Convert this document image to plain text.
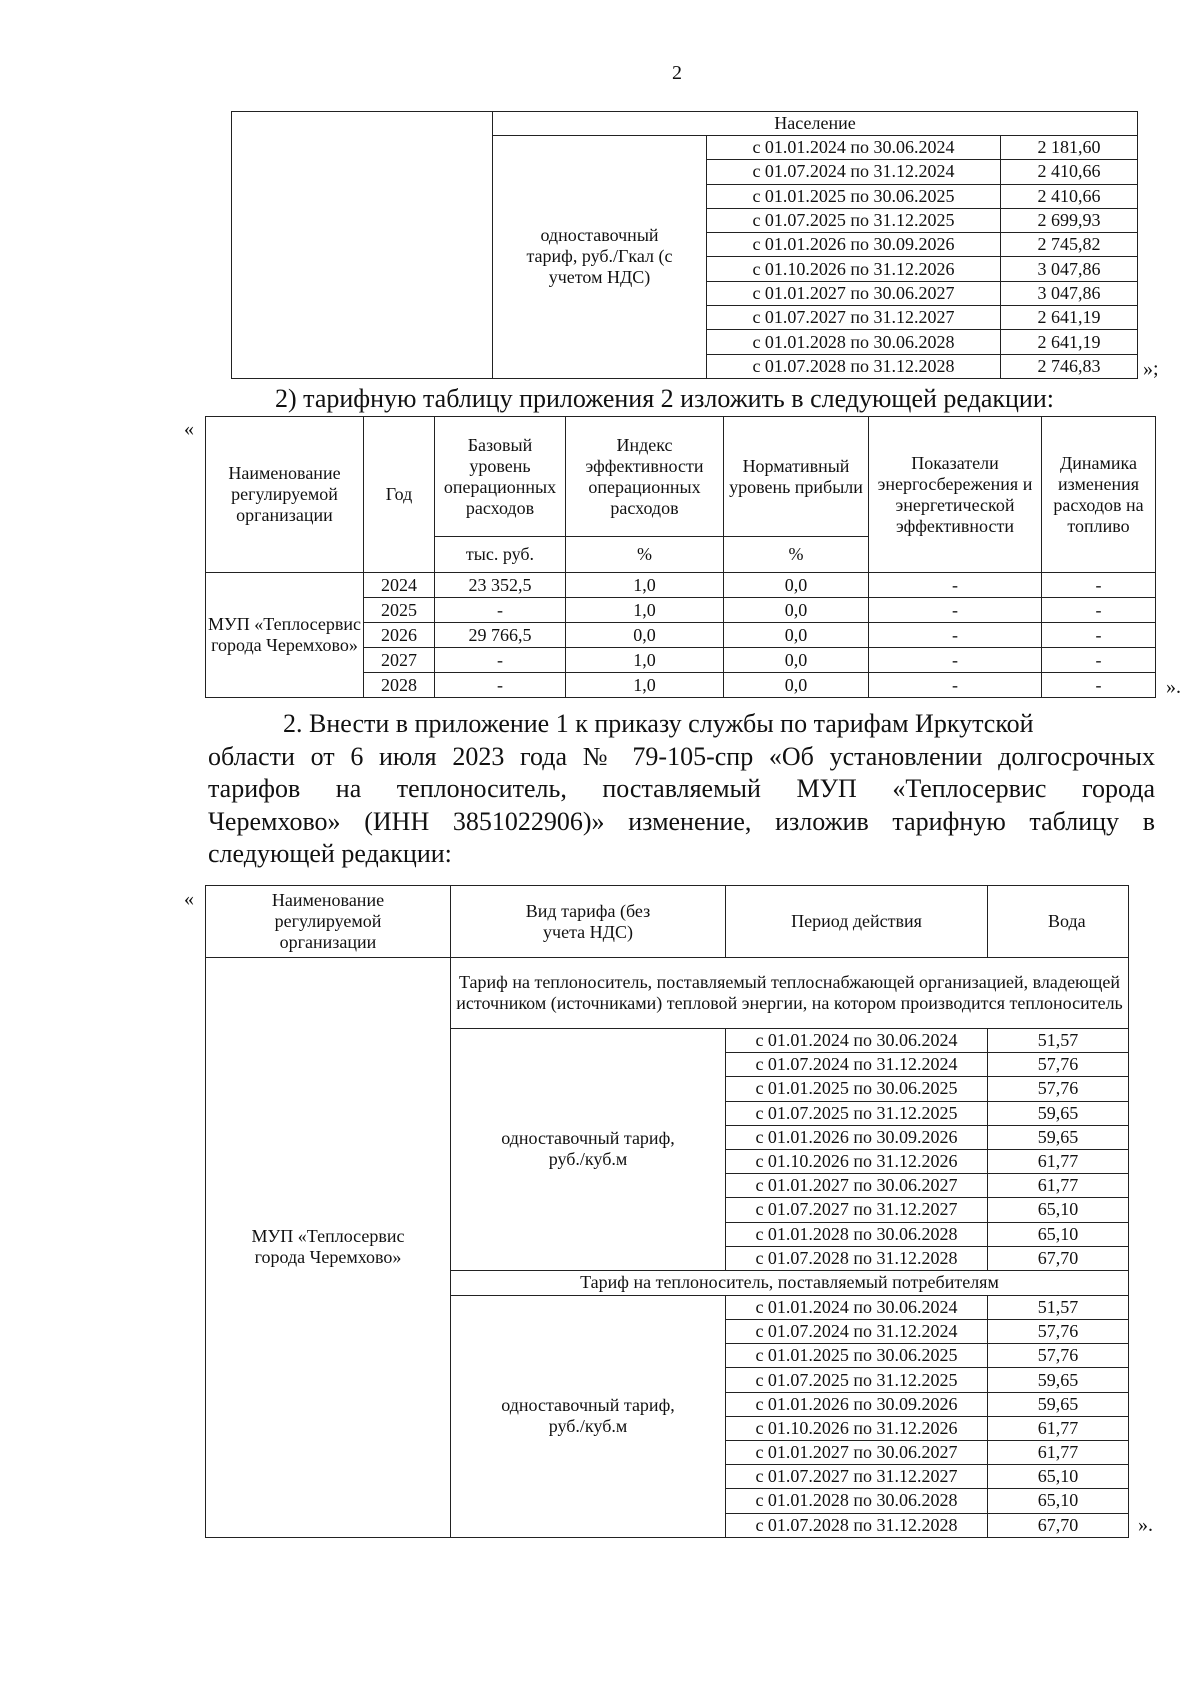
2
	Население		
	одноставочный тариф, руб./Гкал (с учетом НДС)	с 01.01.2024 по 30.06.2024	2 181,60
		с 01.07.2024 по 31.12.2024	2 410,66
		с 01.01.2025 по 30.06.2025	2 410,66
		с 01.07.2025 по 31.12.2025	2 699,93
		с 01.01.2026 по 30.09.2026	2 745,82
		с 01.10.2026 по 31.12.2026	3 047,86
		с 01.01.2027 по 30.06.2027	3 047,86
		с 01.07.2027 по 31.12.2027	2 641,19
		с 01.01.2028 по 30.06.2028	2 641,19
		с 01.07.2028 по 31.12.2028	2 746,83 »;
2) тарифную таблицу приложения 2 изложить в следующей редакции:
«
Наименование регулируемой организации	Год	Базовый уровень операционных расходов	Индекс эффективности операционных расходов	Нормативный уровень прибыли	Показатели энергосбережения и энергетической эффективности	Динамика изменения расходов на топливо
		тыс. руб.	%	%		
МУП «Теплосервис города Черемхово»	2024	23 352,5	1,0	0,0	-	-
	2025	-	1,0	0,0	-	-
	2026	29 766,5	0,0	0,0	-	-
	2027	-	1,0	0,0	-	-
	2028	-	1,0	0,0	-	-	».
2. Внести в приложение 1 к приказу службы по тарифам Иркутской
области от 6 июля 2023 года № 79-105-спр «Об установлении долгосрочных
тарифов на теплоноситель, поставляемый МУП «Теплосервис города
Черемхово» (ИНН 3851022906)» изменение, изложив тарифную таблицу в
следующей редакции:
«	Наименование регулируемой организации	Вид тарифа (без учета НДС)	Период действия	Вода
МУП «Теплосервис города Черемхово»	Тариф на теплоноситель, поставляемый теплоснабжающей организацией, владеющей источником (источниками) тепловой энергии, на котором производится теплоноситель		
	одноставочный тариф, руб./куб.м	с 01.01.2024 по 30.06.2024	51,57
		с 01.07.2024 по 31.12.2024	57,76
		с 01.01.2025 по 30.06.2025	57,76
		с 01.07.2025 по 31.12.2025	59,65
		с 01.01.2026 по 30.09.2026	59,65
		с 01.10.2026 по 31.12.2026	61,77
		с 01.01.2027 по 30.06.2027	61,77
		с 01.07.2027 по 31.12.2027	65,10
		с 01.01.2028 по 30.06.2028	65,10
		с 01.07.2028 по 31.12.2028	67,70
	Тариф на теплоноситель, поставляемый потребителям		
	одноставочный тариф, руб./куб.м	с 01.01.2024 по 30.06.2024	51,57
		с 01.07.2024 по 31.12.2024	57,76
		с 01.01.2025 по 30.06.2025	57,76
		с 01.07.2025 по 31.12.2025	59,65
		с 01.01.2026 по 30.09.2026	59,65
		с 01.10.2026 по 31.12.2026	61,77
		с 01.01.2027 по 30.06.2027	61,77
		с 01.07.2027 по 31.12.2027	65,10
		с 01.01.2028 по 30.06.2028	65,10
		с 01.07.2028 по 31.12.2028	67,70	».
